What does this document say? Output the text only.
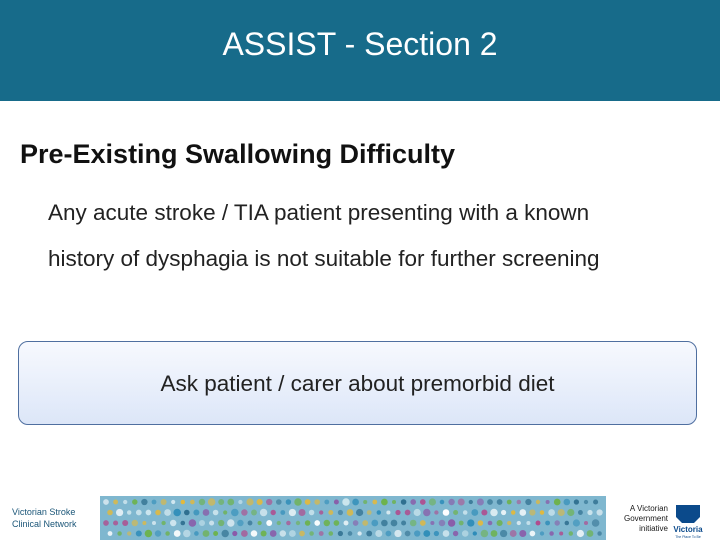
ASSIST - Section 2
Pre-Existing Swallowing Difficulty
Any acute stroke / TIA patient presenting with a known
history of dysphagia is not suitable for further screening
Ask patient / carer about premorbid diet
Victorian Stroke
Clinical Network
A Victorian
Government
initiative Victoria
The Place To Be
